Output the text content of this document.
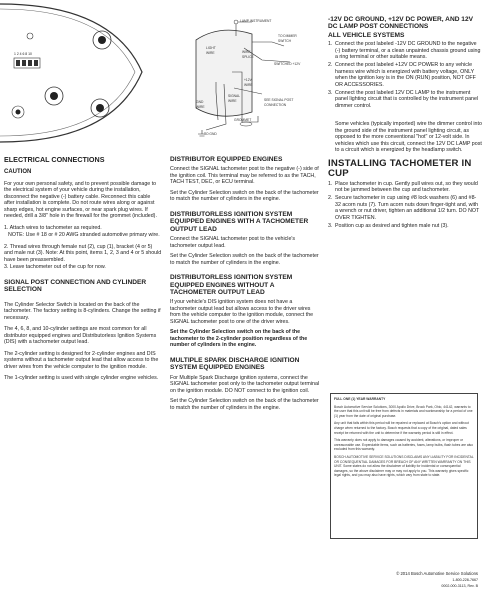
1 2 4 6 8 10
LAMP INSTRUMENT
TO DIMMER SWITCH
LIGHT WIRE	WIRE SPLICE
SWITCHED +12V
+12V WIRE
GND WIRE
SIGNAL WIRE	SEE SIGNAL POST CONNECTION
GROMMET
TO GND
-12V DC GROUND, +12V DC POWER, AND 12V DC LAMP POST CONNECTIONS
ALL VEHICLE SYSTEMS
1. Connect the post labeled -12V DC GROUND to the negative (-) battery terminal, or a clean unpainted chassis ground using a ring terminal or other suitable means.
2. Connect the post labeled +12V DC POWER to any vehicle harness wire which is energized with battery voltage, ONLY when the ignition key is in the ON (RUN) position, NOT OFF OR ACCESSORIES.
3. Connect the post labeled 12V DC LAMP to the instrument panel lighting circuit that is controlled by the instrument panel dimmer control.

Some vehicles (typically imported) wire the dimmer control into the ground side of the instrument panel lighting circuit, as opposed to the more conventional "hot" or 12-volt side. In vehicles which use this circuit, connect the 12V DC LAMP post to a circuit which is energized by the headlamp switch.

INSTALLING TACHOMETER IN CUP
1. Place tachometer in cup. Gently pull wires out, so they would not be jammed between the cup and tachometer.
2. Secure tachometer in cup using #8 lock washers (6) and #8-32 acorn nuts (7). Turn acorn nuts down finger-tight and, with a wrench or nut driver, tighten an additional 1/2 turn. DO NOT OVER TIGHTEN.
3. Position cup as desired and tighten male nut (3).
ELECTRICAL CONNECTIONS
CAUTION

For your own personal safety, and to prevent possible damage to the electrical system of your vehicle during the installation, disconnect the negative (-) battery cable. Reconnect this cable after installation is complete. Do not route wires along or against sharp edges, hot engine surfaces, or near spark plug wires. If needed, drill a 3/8" hole in the firewall for the grommet (included).

1. Attach wires to tachometer as required.

NOTE: Use # 18 or # 20 AWG stranded automotive primary wire.

2. Thread wires through female nut (2), cup (1), bracket (4 or 5) and male nut (3). Note: At this point, items 1, 2, 3 and 4 or 5 should have been preassembled.

3. Leave tachometer out of the cup for now.

SIGNAL POST CONNECTION AND CYLINDER SELECTION

The Cylinder Selector Switch is located on the back of the tachometer. The factory setting is 8-cylinders. Change the setting if necessary.

The 4, 6, 8, and 10-cylinder settings are most common for all distributor equipped engines and Distributorless Ignition Systems (DIS) with a tachometer output lead.

The 2-cylinder setting is designed for 2-cylinder engines and DIS systems without a tachometer output lead that allow access to the driver wires from the vehicle computer to the ignition module.

The 1-cylinder setting is used with single cylinder engine vehicles.

DISTRIBUTOR EQUIPPED ENGINES

Connect the SIGNAL tachometer post to the negative (-) side of the ignition coil. This terminal may be referred to as the TACH, TACH TEST, DEC, or ECU terminal.

Set the Cylinder Selection switch on the back of the tachometer to match the number of cylinders in the engine.

DISTRIBUTORLESS IGNITION SYSTEM EQUIPPED ENGINES WITH A TACHOMETER OUTPUT LEAD

Connect the SIGNAL tachometer post to the vehicle's tachometer output lead.

Set the Cylinder Selection switch on the back of the tachometer to match the number of cylinders in the engine.

DISTRIBUTORLESS IGNITION SYSTEM EQUIPPED ENGINES WITHOUT A TACHOMETER OUTPUT LEAD

If your vehicle's DIS ignition system does not have a tachometer output lead but allows access to the driver wires from the vehicle computer to the ignition module, connect the SIGNAL tachometer post to one of the driver wires.

Set the Cylinder Selection switch on the back of the tachometer to the 2-cylinder position regardless of the number of cylinders in the engine.

MULTIPLE SPARK DISCHARGE IGNITION SYSTEM EQUIPPED ENGINES

For Multiple Spark Discharge ignition systems, connect the SIGNAL tachometer post only to the tachometer output terminal on the ignition module. DO NOT connect to the ignition coil.

Set the Cylinder Selection switch on the back of the tachometer to match the number of cylinders in the engine.

FULL ONE (1) YEAR WARRANTY

Bosch Automotive Service Solutions, 3000 Apollo Drive, Brook Park, Ohio, 44142, warrants to the user that this unit will be free from defects in materials and workmanship for a period of one (1) year from the date of original purchase.

Any unit that fails within this period will be repaired or replaced at Bosch's option and without charge when returned to the factory. Bosch requests that a copy of the original, dated sales receipt be returned with the unit to determine if the warranty period is still in effect.

This warranty does not apply to damages caused by accident, alterations, or improper or unreasonable use. Expendable items, such as batteries, fuses, lamp bulbs, flash tubes are also excluded from this warranty.

BOSCH AUTOMOTIVE SERVICE SOLUTIONS DISCLAIMS ANY LIABILITY FOR INCIDENTAL OR CONSEQUENTIAL DAMAGES FOR BREACH OF ANY WRITTEN WARRANTY ON THIS UNIT. Some states do not allow the disclaimer of liability for incidental or consequential damages, so the above disclaimer may or may not apply to you. This warranty gives specific legal rights, and you may also have rights, which vary from state to state.

© 2014 Bosch Automotive Service Solutions
1-800-228-7667
0002-000-3113, Rev. B
